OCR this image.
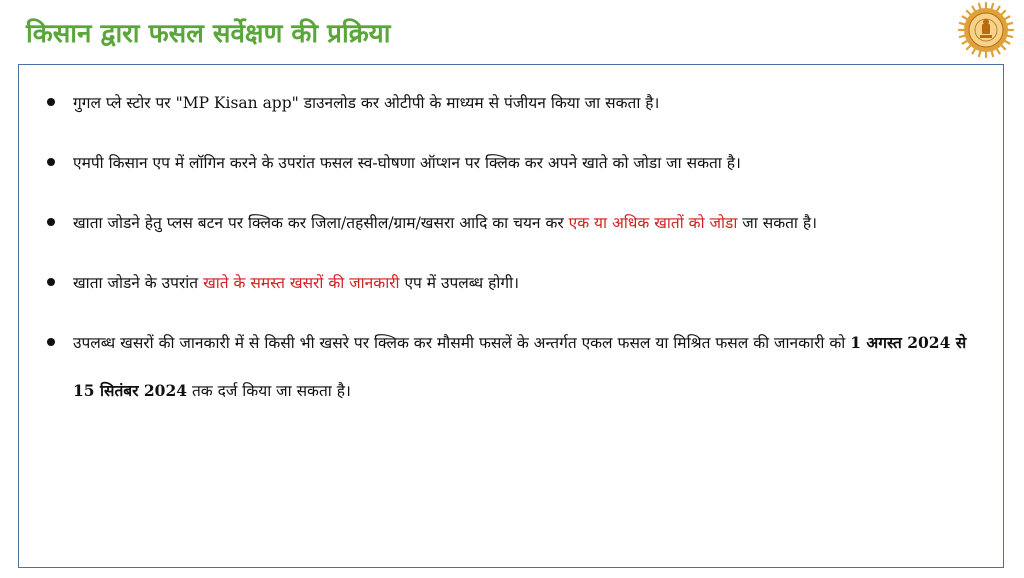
किसान द्वारा फसल सर्वेक्षण की प्रक्रिया
गुगल प्ले स्टोर पर "MP Kisan app" डाउनलोड कर ओटीपी के माध्यम से पंजीयन किया जा सकता है।
एमपी किसान एप में लॉगिन करने के उपरांत फसल स्व-घोषणा ऑप्शन पर क्लिक कर अपने खाते को जोडा जा सकता है।
खाता जोडने हेतु प्लस बटन पर क्लिक कर जिला/तहसील/ग्राम/खसरा आदि का चयन कर एक या अधिक खातों को जोडा जा सकता है।
खाता जोडने के उपरांत खाते के समस्त खसरों की जानकारी एप में उपलब्ध होगी।
उपलब्ध खसरों की जानकारी में से किसी भी खसरे पर क्लिक कर मौसमी फसलें के अन्तर्गत एकल फसल या मिश्रित फसल की जानकारी को 1 अगस्त 2024 से 15 सितंबर 2024 तक दर्ज किया जा सकता है।
